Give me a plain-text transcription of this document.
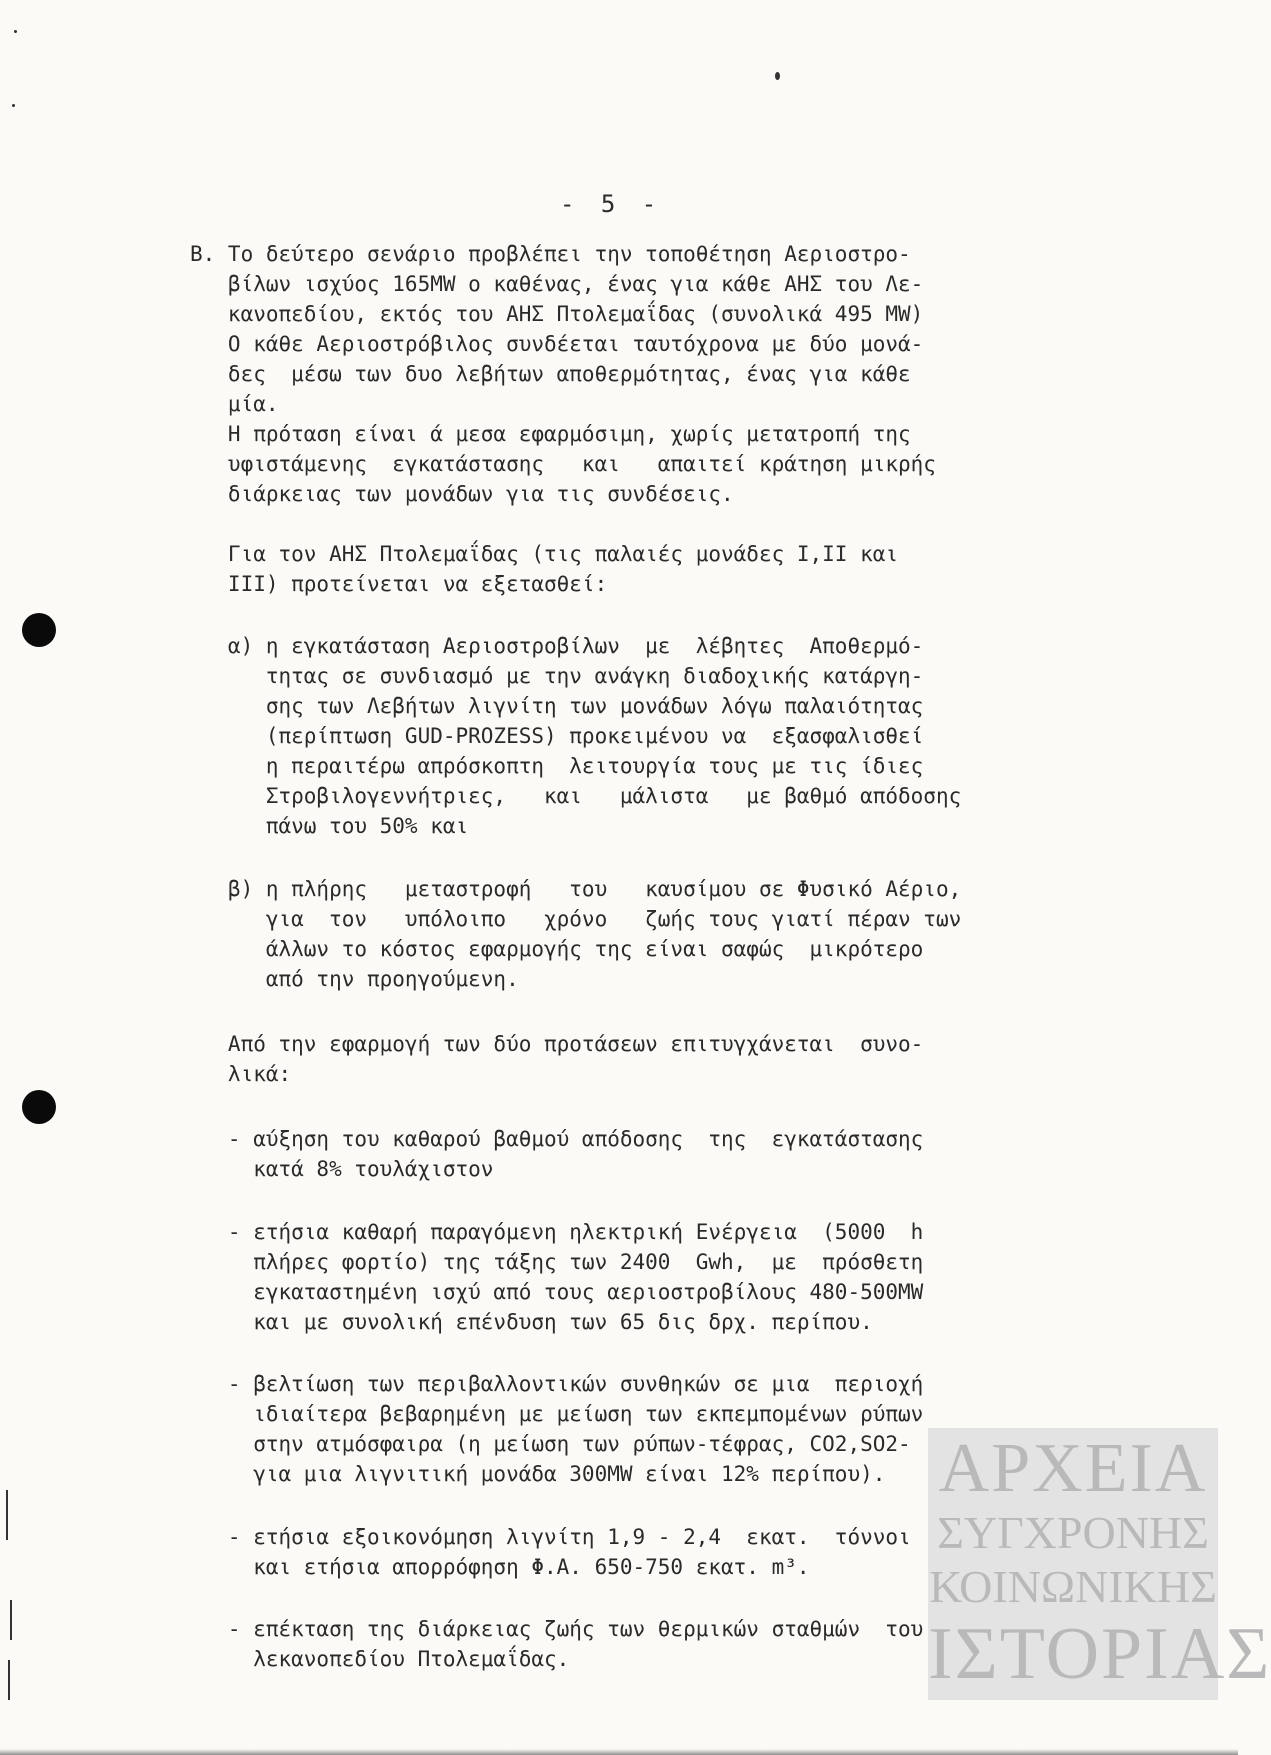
- 5 -
Β. Το δεύτερο σενάριο προβλέπει την τοποθέτηση Αεριοστρο-
βίλων ισχύος 165MW ο καθένας, ένας για κάθε ΑΗΣ του Λε-
κανοπεδίου, εκτός του ΑΗΣ Πτολεμαΐδας (συνολικά 495 MW)
Ο κάθε Αεριοστρόβιλος συνδέεται ταυτόχρονα με δύο μονά-
δες  μέσω των δυο λεβήτων αποθερμότητας, ένας για κάθε
μία.
Η πρόταση είναι ά μεσα εφαρμόσιμη, χωρίς μετατροπή της
υφιστάμενης  εγκατάστασης   και   απαιτεί κράτηση μικρής
διάρκειας των μονάδων για τις συνδέσεις.
Για τον ΑΗΣ Πτολεμαΐδας (τις παλαιές μονάδες Ι,ΙΙ και
ΙΙΙ) προτείνεται να εξετασθεί:
α) η εγκατάσταση Αεριοστροβίλων  με  λέβητες  Αποθερμό-
τητας σε συνδιασμό με την ανάγκη διαδοχικής κατάργη-
σης των Λεβήτων λιγνίτη των μονάδων λόγω παλαιότητας
(περίπτωση GUD-PROZESS) προκειμένου να  εξασφαλισθεί
η περαιτέρω απρόσκοπτη  λειτουργία τους με τις ίδιες
Στροβιλογεννήτριες,   και   μάλιστα   με βαθμό απόδοσης
πάνω του 50% και
β) η πλήρης   μεταστροφή   του   καυσίμου σε Φυσικό Αέριο,
για  τον   υπόλοιπο   χρόνο   ζωής τους γιατί πέραν των
άλλων το κόστος εφαρμογής της είναι σαφώς  μικρότερο
από την προηγούμενη.
Από την εφαρμογή των δύο προτάσεων επιτυγχάνεται  συνο-
λικά:
- αύξηση του καθαρού βαθμού απόδοσης  της  εγκατάστασης
κατά 8% τουλάχιστον
- ετήσια καθαρή παραγόμενη ηλεκτρική Ενέργεια  (5000  h
πλήρες φορτίο) της τάξης των 2400  Gwh,  με  πρόσθετη
εγκαταστημένη ισχύ από τους αεριοστροβίλους 480-500MW
και με συνολική επένδυση των 65 δις δρχ. περίπου.
- βελτίωση των περιβαλλοντικών συνθηκών σε μια  περιοχή
ιδιαίτερα βεβαρημένη με μείωση των εκπεμπομένων ρύπων
στην ατμόσφαιρα (η μείωση των ρύπων-τέφρας, CO2,SO2-
για μια λιγνιτική μονάδα 300MW είναι 12% περίπου).
- ετήσια εξοικονόμηση λιγνίτη 1,9 - 2,4  εκατ.  τόννοι
και ετήσια απορρόφηση Φ.Α. 650-750 εκατ. m³.
- επέκταση της διάρκειας ζωής των θερμικών σταθμών  του
λεκανοπεδίου Πτολεμαΐδας.
ΑΡΧΕΙΑ
ΣΥΓΧΡΟΝΗΣ
ΚΟΙΝΩΝΙΚΗΣ
ΙΣΤΟΡΙΑΣ
